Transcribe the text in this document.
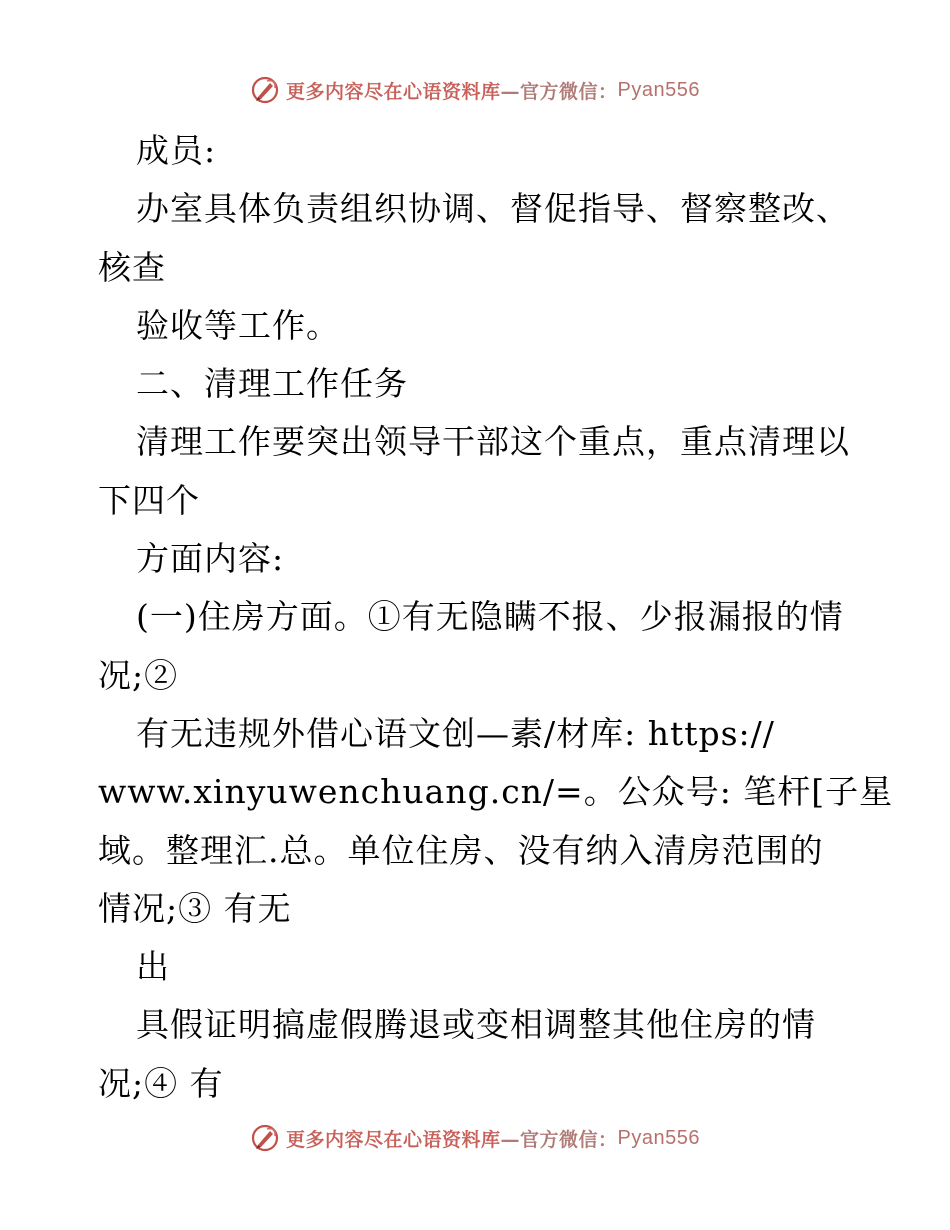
更多内容尽在心语资料库 —官方微信： Pyan556
成员:
办室具体负责组织协调、督促指导、督察整改、
核查
验收等工作。
二、清理工作任务
清理工作要突出领导干部这个重点，重点清理以
下四个
方面内容:
(一)住房方面。①有无隐瞒不报、少报漏报的情
况;②
有无违规外借心语文创—素/材库: https://
www.xinyuwenchuang.cn/=。公众号: 笔杆[子星
域。整理汇.总。单位住房、没有纳入清房范围的
情况;③ 有无
出
具假证明搞虚假腾退或变相调整其他住房的情
况;④ 有
更多内容尽在心语资料库 —官方微信： Pyan556
